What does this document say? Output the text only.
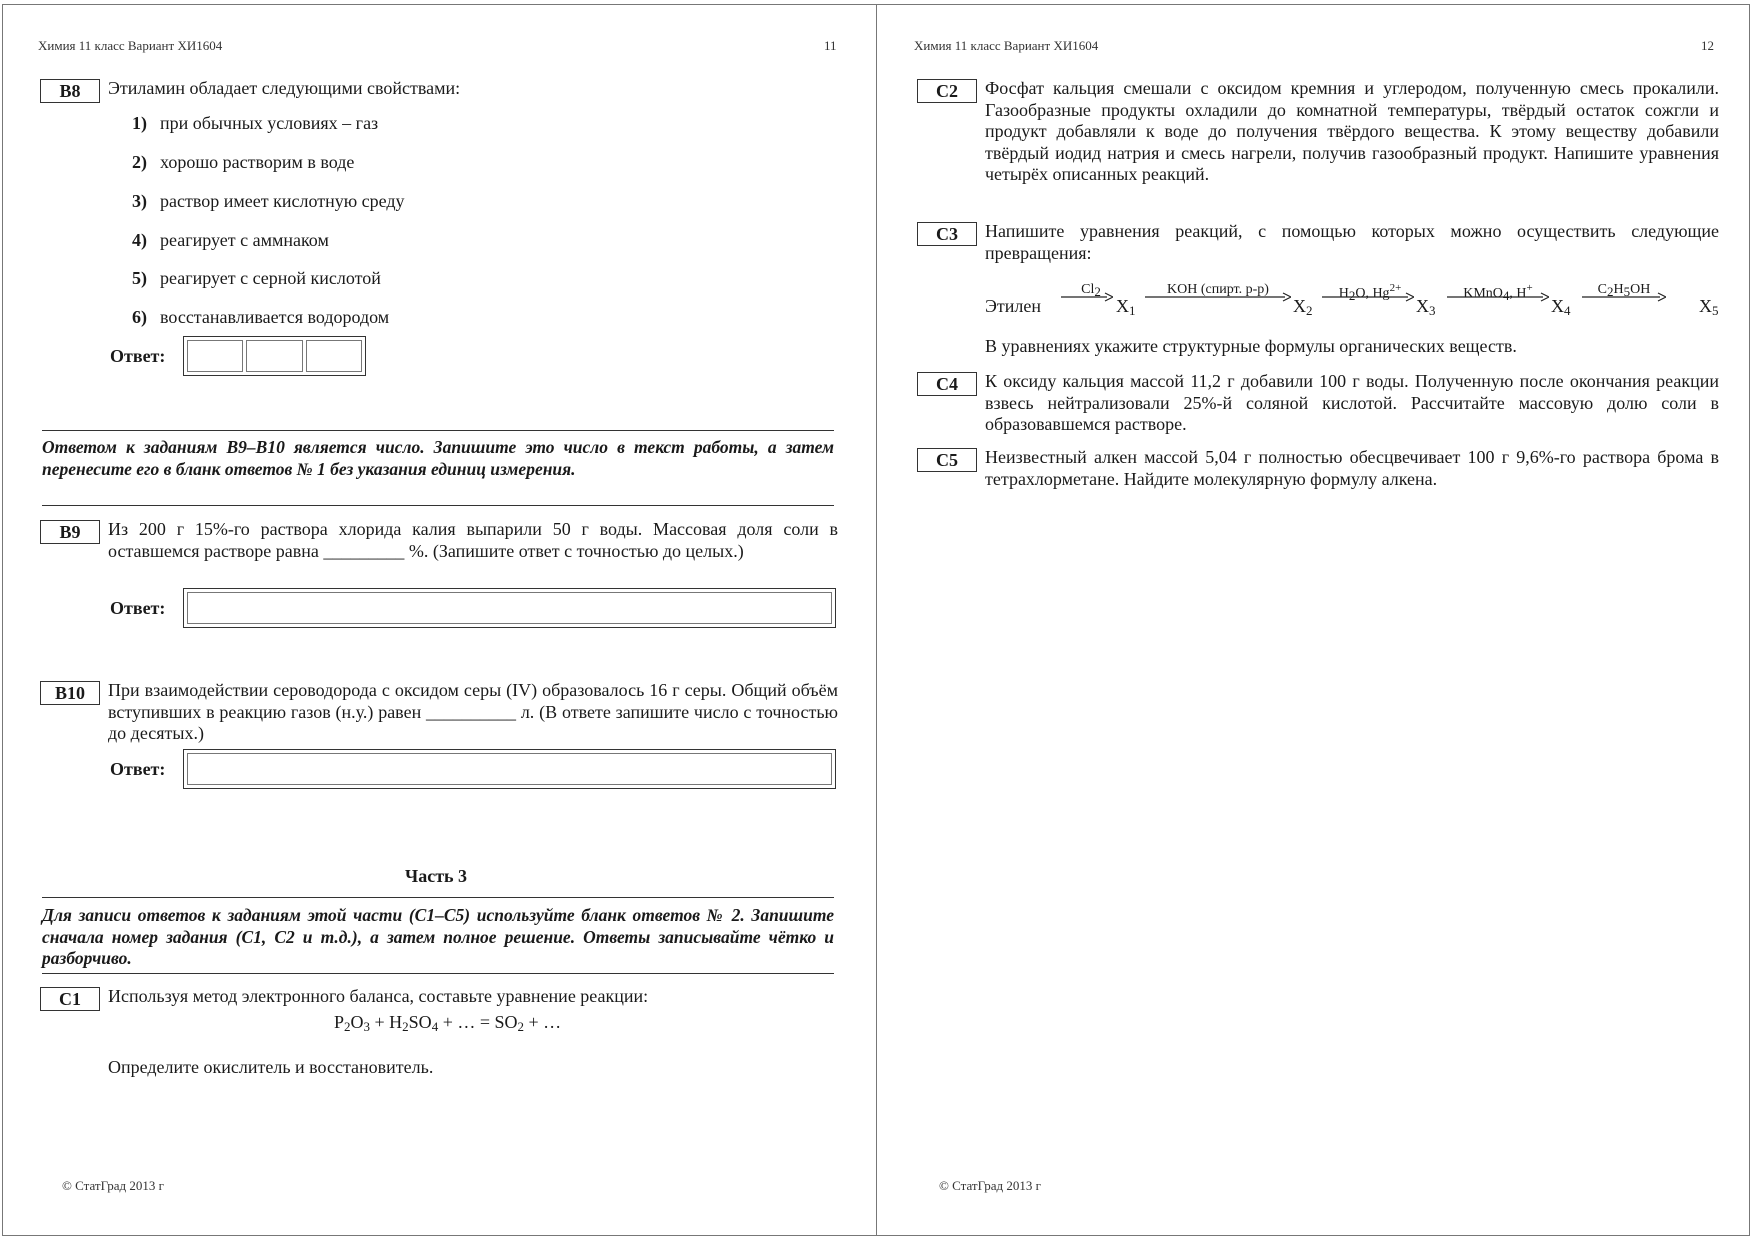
Химия 11 класс Вариант ХИ1604	11
B8	Этиламин обладает следующими свойствами:
1) при обычных условиях – газ
2) хорошо растворим в воде
3) раствор имеет кислотную среду
4) реагирует с аммнаком
5) реагирует с серной кислотой
6) восстанавливается водородом
Ответ:
Ответом к заданиям В9–В10 является число. Запишите это число в текст работы, а затем перенесите его в бланк ответов № 1 без указания единиц измерения.
B9	Из 200 г 15%-го раствора хлорида калия выпарили 50 г воды. Массовая доля соли в оставшемся растворе равна _________ %. (Запишите ответ с точностью до целых.)
Ответ:
B10	При взаимодействии сероводорода с оксидом серы (IV) образовалось 16 г серы. Общий объём вступивших в реакцию газов (н.у.) равен __________ л. (В ответе запишите число с точностью до десятых.)
Ответ:
Часть 3
Для записи ответов к заданиям этой части (С1–С5) используйте бланк ответов № 2. Запишите сначала номер задания (С1, С2 и т.д.), а затем полное решение. Ответы записывайте чётко и разборчиво.
C1	Используя метод электронного баланса, составьте уравнение реакции:
$P_2O_3 + H_2SO_4$ + … = $SO_2$ + …
Определите окислитель и восстановитель.
© СтатГрад 2013 г
Химия 11 класс Вариант ХИ1604	12
C2	Фосфат кальция смешали с оксидом кремния и углеродом, полученную смесь прокалили. Газообразные продукты охладили до комнатной температуры, твёрдый остаток сожгли и продукт добавляли к воде до получения твёрдого вещества. К этому веществу добавили твёрдый иодид натрия и смесь нагрели, получив газообразный продукт. Напишите уравнения четырёх описанных реакций.
C3	Напишите уравнения реакций, с помощью которых можно осуществить следующие превращения:
В уравнениях укажите структурные формулы органических веществ.
C4	К оксиду кальция массой 11,2 г добавили 100 г воды. Полученную после окончания реакции взвесь нейтрализовали 25%-й соляной кислотой. Рассчитайте массовую долю соли в образовавшемся растворе.
C5	Неизвестный алкен массой 5,04 г полностью обесцвечивает 100 г 9,6%-го раствора брома в тетрахлорметане. Найдите молекулярную формулу алкена.
© СтатГрад 2013 г
Этилен
$Cl_2$
$X_1$
KOH (спирт. р-р)
$X_2$
$H_2O$, $Hg^{2+}$
$X_3$
KMnO$_4$, H+
$X_4$
$C_2H_5OH$
$X_5$
